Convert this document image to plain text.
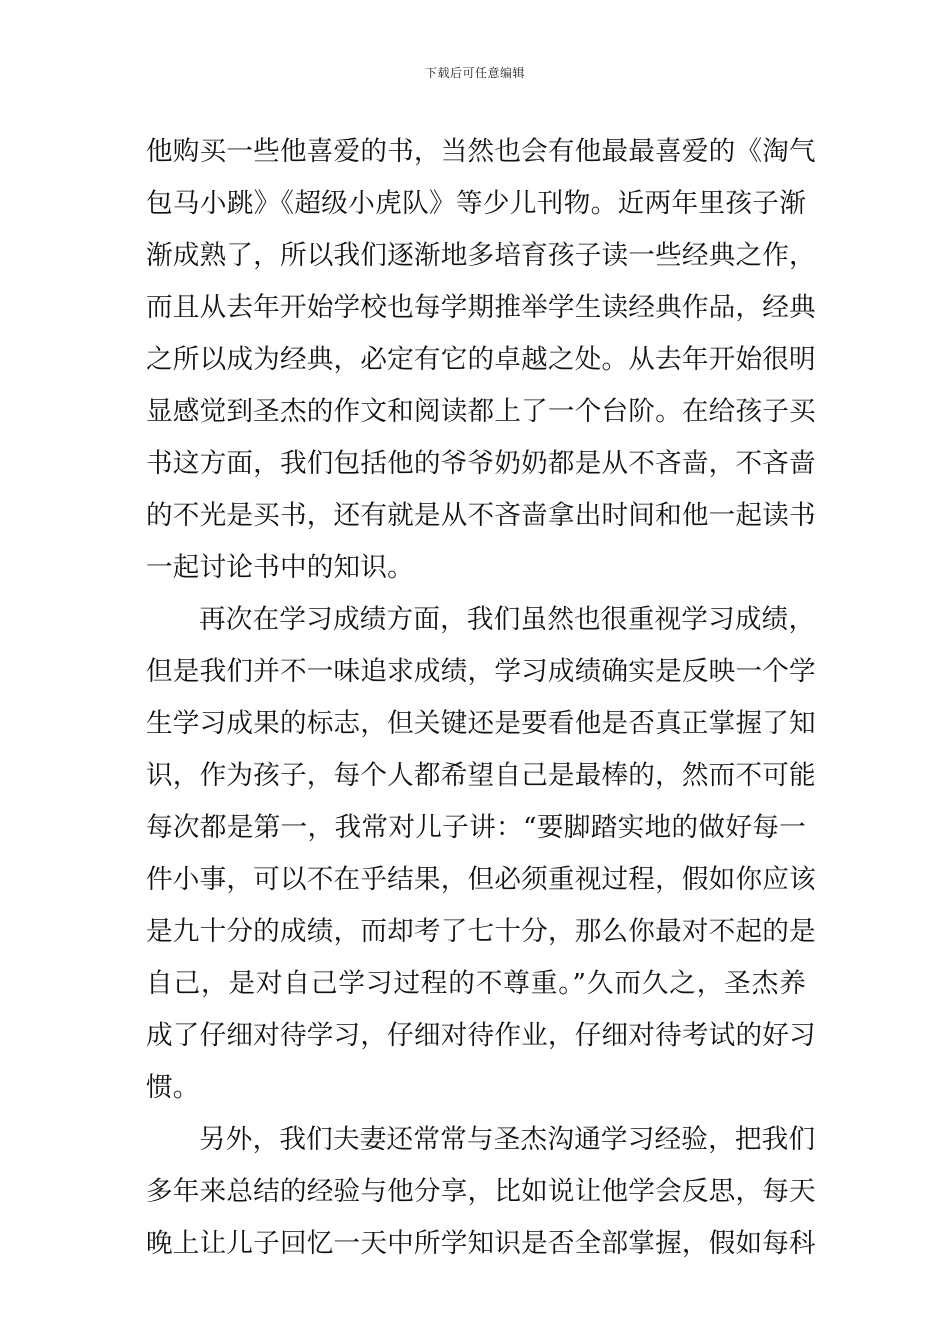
下载后可任意编辑
他购买一些他喜爱的书，当然也会有他最最喜爱的《淘气
包马小跳》《超级小虎队》等少儿刊物。近两年里孩子渐
渐成熟了，所以我们逐渐地多培育孩子读一些经典之作，
而且从去年开始学校也每学期推举学生读经典作品，经典
之所以成为经典，必定有它的卓越之处。从去年开始很明
显感觉到圣杰的作文和阅读都上了一个台阶。在给孩子买
书这方面，我们包括他的爷爷奶奶都是从不吝啬，不吝啬
的不光是买书，还有就是从不吝啬拿出时间和他一起读书
一起讨论书中的知识。
再次在学习成绩方面，我们虽然也很重视学习成绩，
但是我们并不一味追求成绩，学习成绩确实是反映一个学
生学习成果的标志，但关键还是要看他是否真正掌握了知
识，作为孩子，每个人都希望自己是最棒的，然而不可能
每次都是第一，我常对儿子讲：“要脚踏实地的做好每一
件小事，可以不在乎结果，但必须重视过程，假如你应该
是九十分的成绩，而却考了七十分，那么你最对不起的是
自己，是对自己学习过程的不尊重。”久而久之，圣杰养
成了仔细对待学习，仔细对待作业，仔细对待考试的好习
惯。
另外，我们夫妻还常常与圣杰沟通学习经验，把我们
多年来总结的经验与他分享，比如说让他学会反思，每天
晚上让儿子回忆一天中所学知识是否全部掌握，假如每科
